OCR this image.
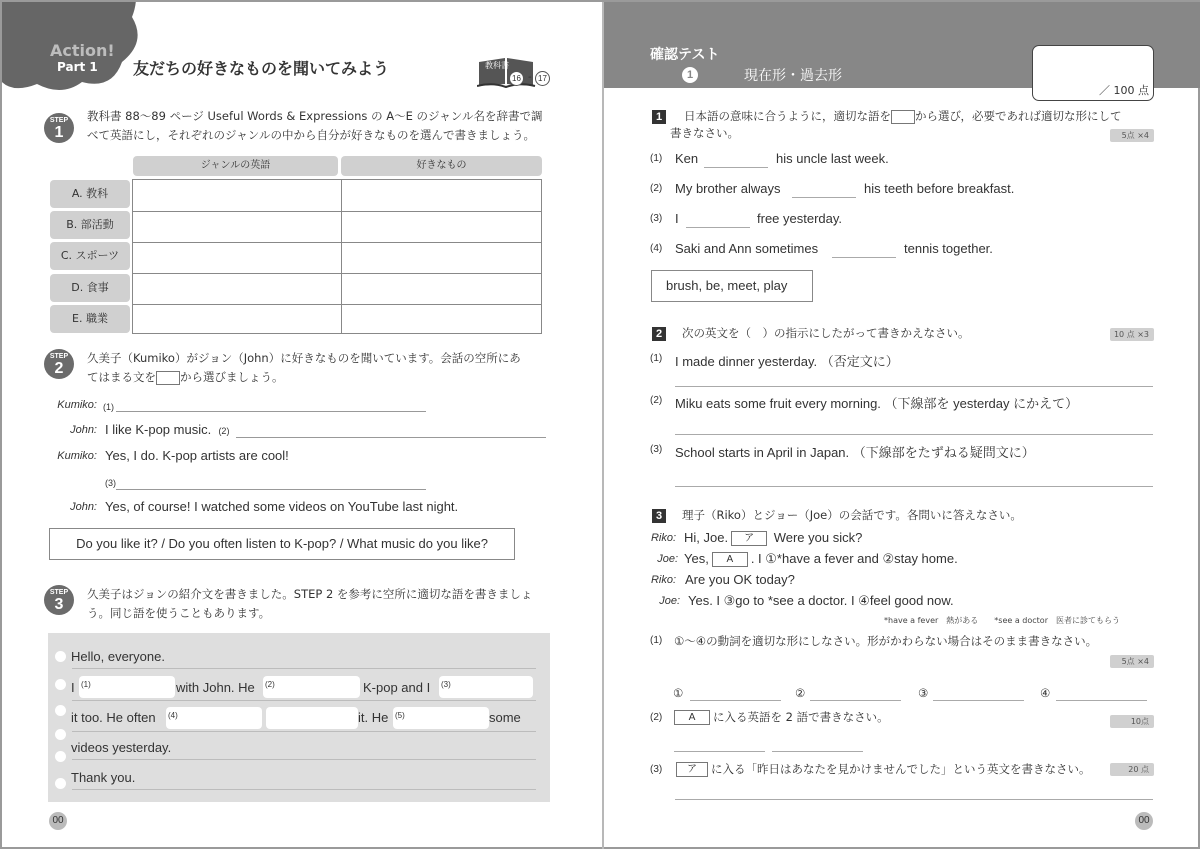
Action!
Part 1 友だちの好きなものを聞いてみよう	教科書
16 - 17
STEP
1
教科書 88～89 ページ Useful Words & Expressions の A～E のジャンル名を辞書で調
べて英語にし，それぞれのジャンルの中から自分が好きなものを選んで書きましょう。
ジャンルの英語	好きなもの
A. 教科
B. 部活動
C. スポーツ
D. 食事
E. 職業
STEP
2
久美子（Kumiko）がジョン（John）に好きなものを聞いています。会話の空所にあ
てはまる文を から選びましょう。
Kumiko: (1)
John: I like K-pop music. (2)
Kumiko: Yes, I do. K-pop artists are cool!
(3)
John: Yes, of course! I watched some videos on YouTube last night.
Do you like it? / Do you often listen to K-pop? / What music do you like?
STEP
3
久美子はジョンの紹介文を書きました。STEP 2 を参考に空所に適切な語を書きましょ
う。同じ語を使うこともあります。
Hello, everyone.
I (1)	with John. He (2)	K-pop and I (3)
it too. He often (4)	it. He (5)	some
videos yesterday.
Thank you.
00
確認テスト
1	現在形・過去形
／ 100 点
1	日本語の意味に合うように，適切な語を から選び，必要であれば適切な形にして
書きなさい。	5点 ×4
(1) Ken	his uncle last week.
(2) My brother always	his teeth before breakfast.
(3) I	free yesterday.
(4) Saki and Ann sometimes	tennis together.
brush, be, meet, play
2	次の英文を（　）の指示にしたがって書きかえなさい。	10 点 ×3
(1) I made dinner yesterday. （否定文に）
(2) Miku eats some fruit every morning. （下線部を yesterday にかえて）
(3) School starts in April in Japan. （下線部をたずねる疑問文に）
3	理子（Riko）とジョー（Joe）の会話です。各問いに答えなさい。
Riko: Hi, Joe. ア Were you sick?
Joe: Yes, A . I ①*have a fever and ②stay home.
Riko: Are you OK today?
Joe: Yes. I ③go to *see a doctor. I ④feel good now.
*have a fever　熱がある　　*see a doctor　医者に診てもらう
(1) ①～④の動詞を適切な形にしなさい。形がかわらない場合はそのまま書きなさい。
5点 ×4
①	②	③	④
(2)	A に入る英語を 2 語で書きなさい。	10点
(3)	ア に入る「昨日はあなたを見かけませんでした」という英文を書きなさい。	20 点
00
